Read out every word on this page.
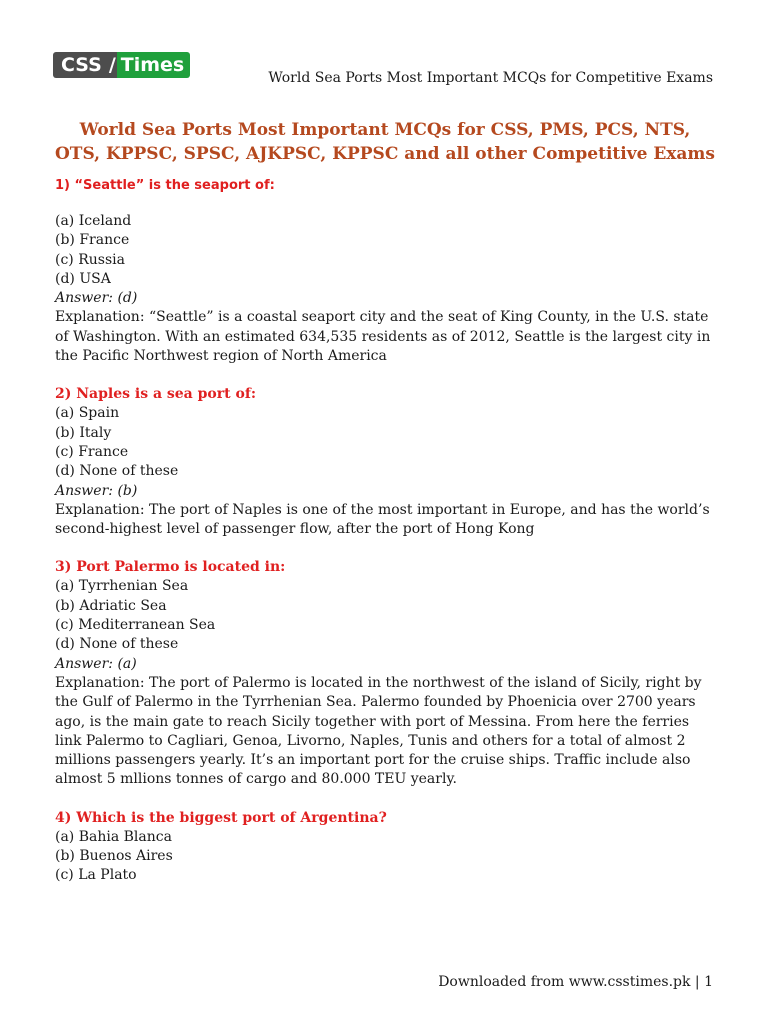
CSS / Times
World Sea Ports Most Important MCQs for Competitive Exams
World Sea Ports Most Important MCQs for CSS, PMS, PCS, NTS, OTS, KPPSC, SPSC, AJKPSC, KPPSC and all other Competitive Exams
1) “Seattle” is the seaport of:
(a) Iceland
(b) France
(c) Russia
(d) USA
Answer: (d)
Explanation: “Seattle” is a coastal seaport city and the seat of King County, in the U.S. state of Washington. With an estimated 634,535 residents as of 2012, Seattle is the largest city in the Pacific Northwest region of North America
2) Naples is a sea port of:
(a) Spain
(b) Italy
(c) France
(d) None of these
Answer: (b)
Explanation: The port of Naples is one of the most important in Europe, and has the world’s second-highest level of passenger flow, after the port of Hong Kong
3) Port Palermo is located in:
(a) Tyrrhenian Sea
(b) Adriatic Sea
(c) Mediterranean Sea
(d) None of these
Answer: (a)
Explanation: The port of Palermo is located in the northwest of the island of Sicily, right by the Gulf of Palermo in the Tyrrhenian Sea. Palermo founded by Phoenicia over 2700 years ago, is the main gate to reach Sicily together with port of Messina. From here the ferries link Palermo to Cagliari, Genoa, Livorno, Naples, Tunis and others for a total of almost 2 millions passengers yearly. It’s an important port for the cruise ships. Traffic include also almost 5 mllions tonnes of cargo and 80.000 TEU yearly.
4) Which is the biggest port of Argentina?
(a) Bahia Blanca
(b) Buenos Aires
(c) La Plato
Downloaded from www.csstimes.pk | 1
